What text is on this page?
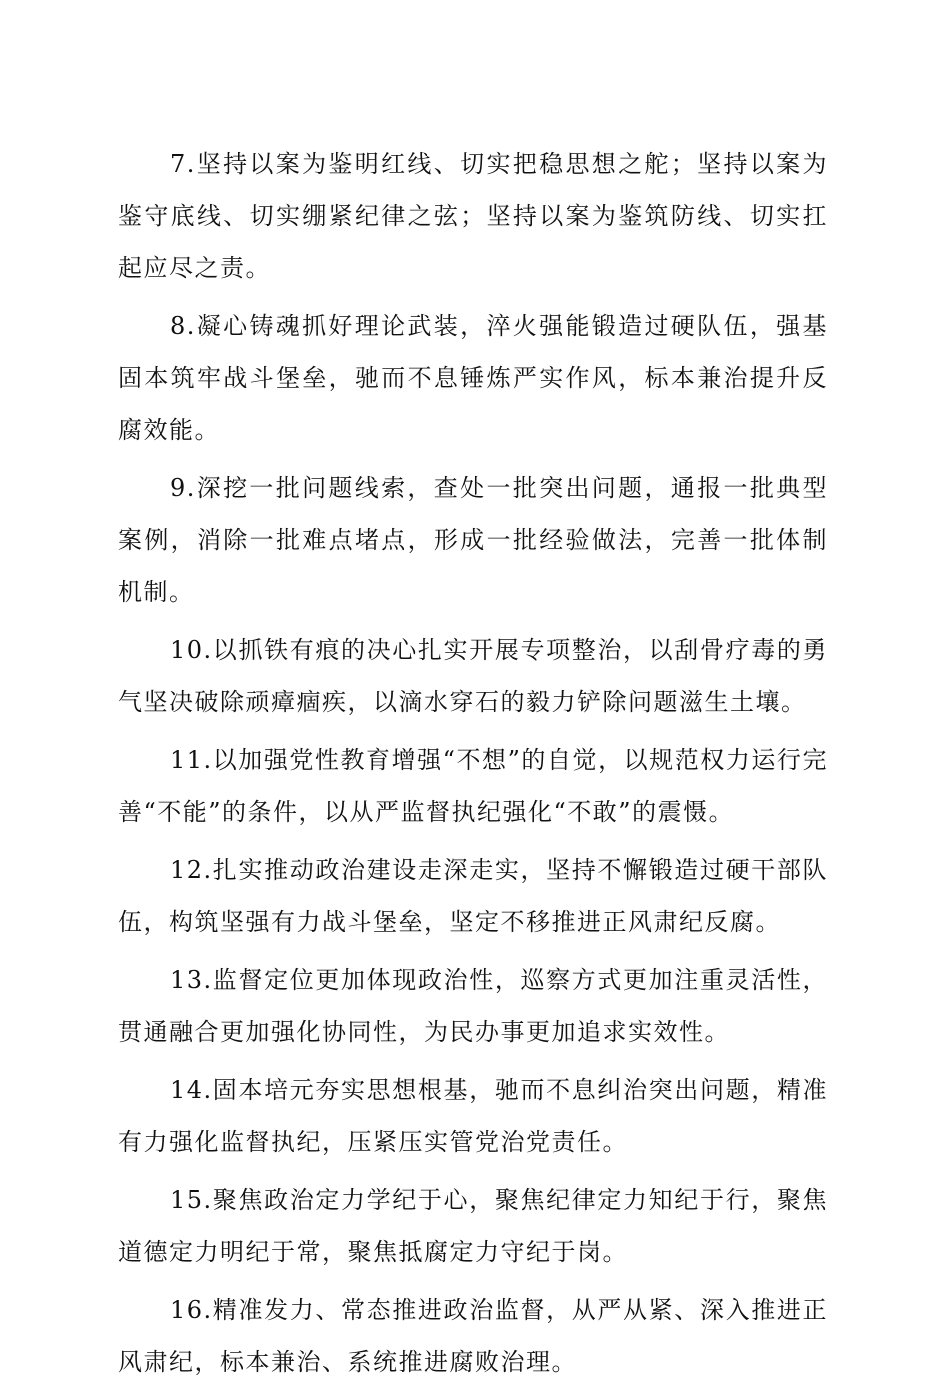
7.坚持以案为鉴明红线、切实把稳思想之舵；坚持以案为鉴守底线、切实绷紧纪律之弦；坚持以案为鉴筑防线、切实扛起应尽之责。

8.凝心铸魂抓好理论武装，淬火强能锻造过硬队伍，强基固本筑牢战斗堡垒，驰而不息锤炼严实作风，标本兼治提升反腐效能。

9.深挖一批问题线索，查处一批突出问题，通报一批典型案例，消除一批难点堵点，形成一批经验做法，完善一批体制机制。

10.以抓铁有痕的决心扎实开展专项整治，以刮骨疗毒的勇气坚决破除顽瘴痼疾，以滴水穿石的毅力铲除问题滋生土壤。

11.以加强党性教育增强“不想”的自觉，以规范权力运行完善“不能”的条件，以从严监督执纪强化“不敢”的震慑。

12.扎实推动政治建设走深走实，坚持不懈锻造过硬干部队伍，构筑坚强有力战斗堡垒，坚定不移推进正风肃纪反腐。

13.监督定位更加体现政治性，巡察方式更加注重灵活性，贯通融合更加强化协同性，为民办事更加追求实效性。

14.固本培元夯实思想根基，驰而不息纠治突出问题，精准有力强化监督执纪，压紧压实管党治党责任。

15.聚焦政治定力学纪于心，聚焦纪律定力知纪于行，聚焦道德定力明纪于常，聚焦抵腐定力守纪于岗。

16.精准发力、常态推进政治监督，从严从紧、深入推进正风肃纪，标本兼治、系统推进腐败治理。
